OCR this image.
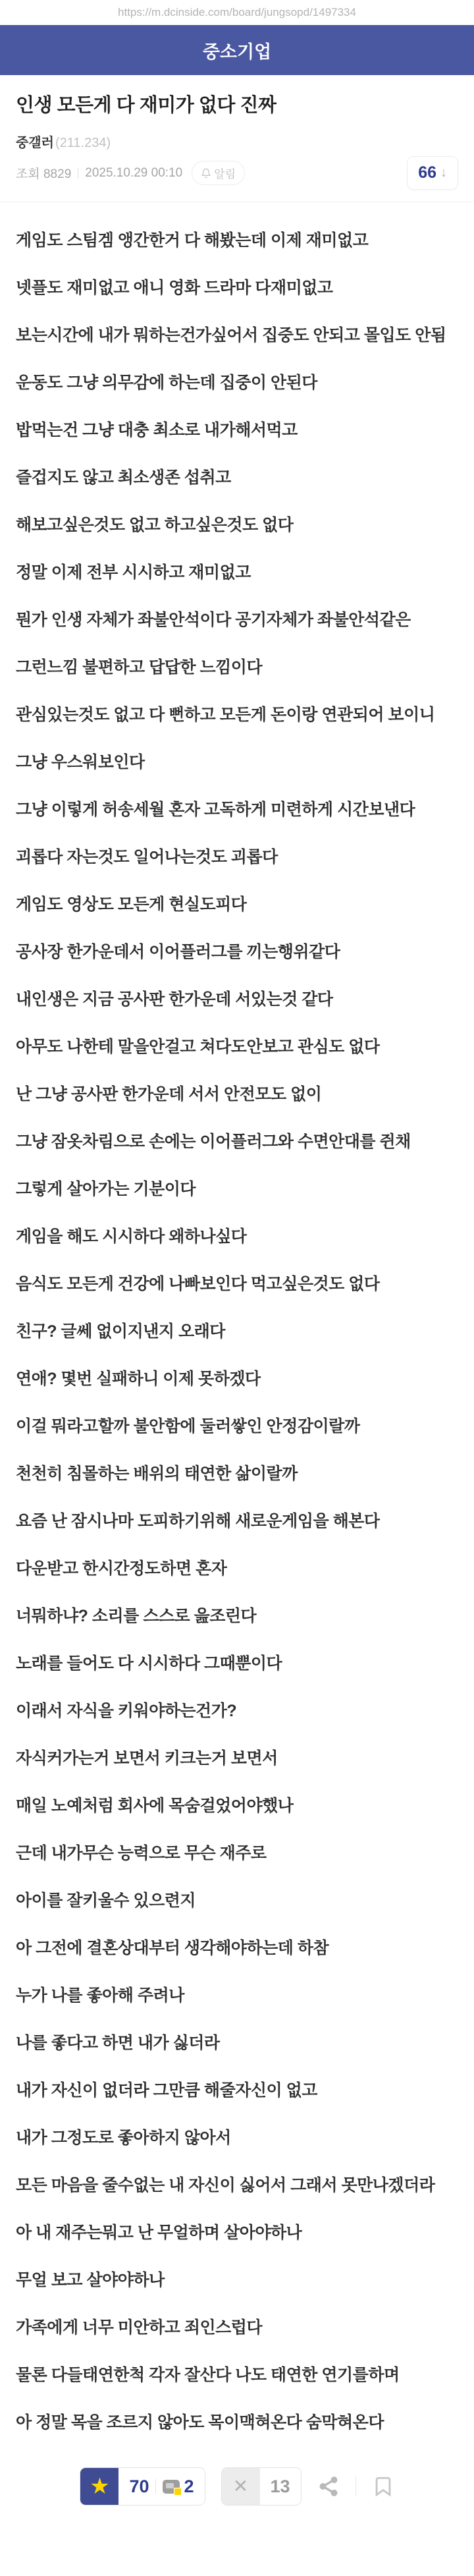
https://m.dcinside.com/board/jungsopd/1497334
중소기업
인생 모든게 다 재미가 없다 진짜
중갤러 (211.234)
조회 8829 2025.10.29 00:10	알림	66 ↓

게임도 스팀겜 앵간한거 다 해봤는데 이제 재미없고

넷플도 재미없고 애니 영화 드라마 다재미없고

보는시간에 내가 뭐하는건가싶어서 집중도 안되고 몰입도 안됨

운동도 그냥 의무감에 하는데 집중이 안된다

밥먹는건 그냥 대충 최소로 내가해서먹고

즐겁지도 않고 최소생존 섭취고

해보고싶은것도 없고 하고싶은것도 없다

정말 이제 전부 시시하고 재미없고

뭔가 인생 자체가 좌불안석이다 공기자체가 좌불안석같은

그런느낌 불편하고 답답한 느낌이다

관심있는것도 없고 다 뻔하고 모든게 돈이랑 연관되어 보이니

그냥 우스워보인다

그냥 이렇게 허송세월 혼자 고독하게 미련하게 시간보낸다

괴롭다 자는것도 일어나는것도 괴롭다

게임도 영상도 모든게 현실도피다

공사장 한가운데서 이어플러그를 끼는행위같다

내인생은 지금 공사판 한가운데 서있는것 같다

아무도 나한테 말을안걸고 쳐다도안보고 관심도 없다

난 그냥 공사판 한가운데 서서 안전모도 없이

그냥 잠옷차림으로 손에는 이어플러그와 수면안대를 쥔채

그렇게 살아가는 기분이다

게임을 해도 시시하다 왜하나싶다

음식도 모든게 건강에 나빠보인다 먹고싶은것도 없다

친구? 글쎄 없이지낸지 오래다

연애? 몇번 실패하니 이제 못하겠다

이걸 뭐라고할까 불안함에 둘러쌓인 안정감이랄까

천천히 침몰하는 배위의 태연한 삶이랄까

요즘 난 잠시나마 도피하기위해 새로운게임을 해본다

다운받고 한시간정도하면 혼자

너뭐하냐? 소리를 스스로 읊조린다

노래를 들어도 다 시시하다 그때뿐이다

이래서 자식을 키워야하는건가?

자식커가는거 보면서 키크는거 보면서

매일 노예처럼 회사에 목숨걸었어야했나

근데 내가무슨 능력으로 무슨 재주로

아이를 잘키울수 있으련지

아 그전에 결혼상대부터 생각해야하는데 하참

누가 나를 좋아해 주려나

나를 좋다고 하면 내가 싫더라

내가 자신이 없더라 그만큼 해줄자신이 없고

내가 그정도로 좋아하지 않아서

모든 마음을 줄수없는 내 자신이 싫어서 그래서 못만나겠더라

아 내 재주는뭐고 난 무얼하며 살아야하나

무얼 보고 살야야하나

가족에게 너무 미안하고 죄인스럽다

물론 다들태연한척 각자 잘산다 나도 태연한 연기를하며

아 정말 목을 조르지 않아도 목이맥혀온다 숨막혀온다

★ 70 2 ✕ 13
